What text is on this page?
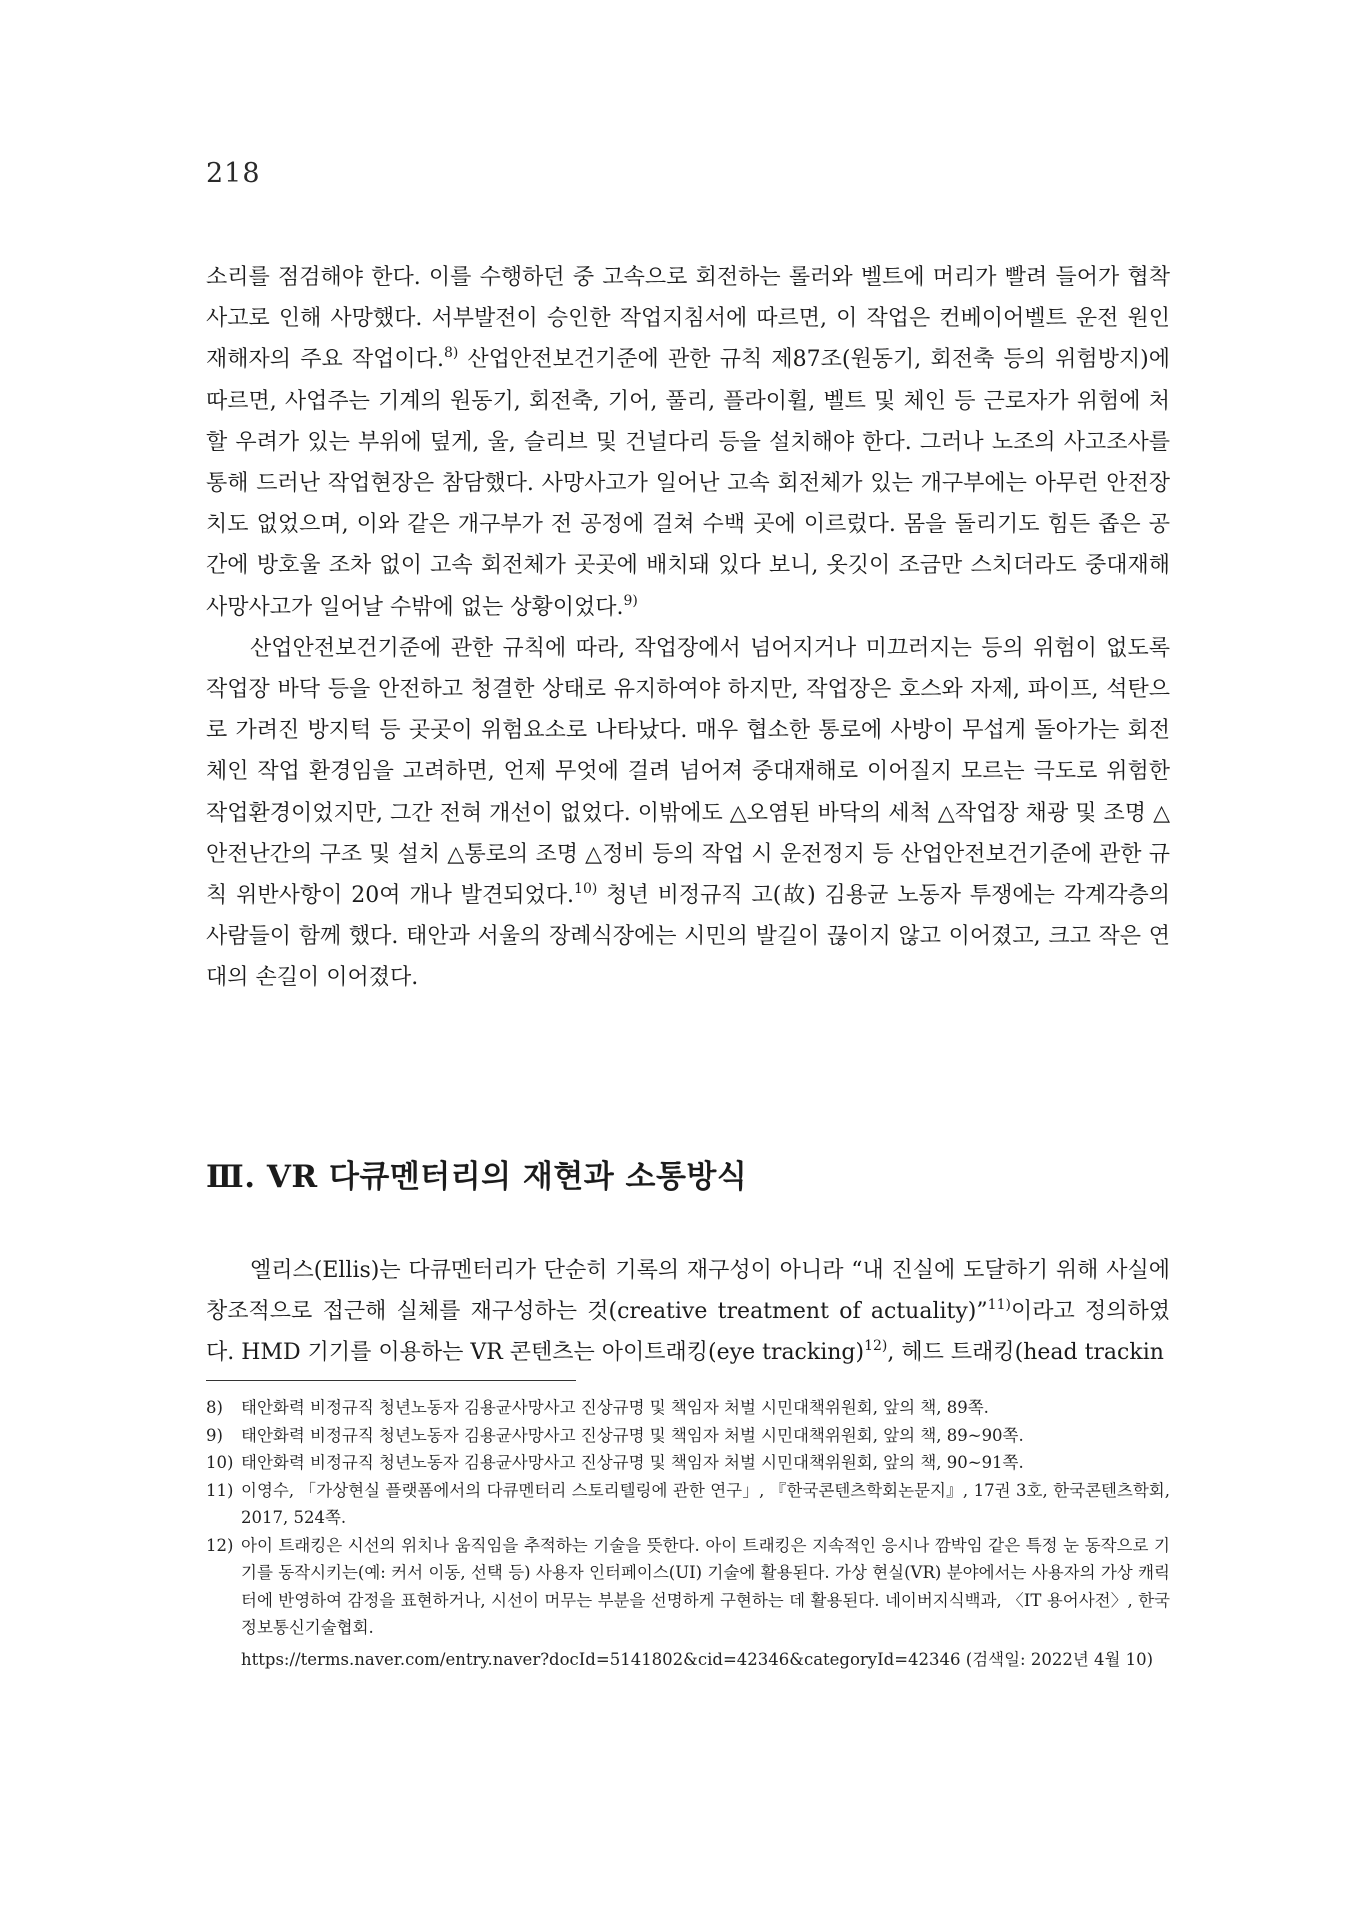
218

소리를 점검해야 한다. 이를 수행하던 중 고속으로 회전하는 롤러와 벨트에 머리가 빨려 들어가 협착사고로 인해 사망했다. 서부발전이 승인한 작업지침서에 따르면, 이 작업은 컨베이어벨트 운전 원인 재해자의 주요 작업이다.$^{8)}$ 산업안전보건기준에 관한 규칙 제87조(원동기, 회전축 등의 위험방지)에 따르면, 사업주는 기계의 원동기, 회전축, 기어, 풀리, 플라이휠, 벨트 및 체인 등 근로자가 위험에 처할 우려가 있는 부위에 덮게, 울, 슬리브 및 건널다리 등을 설치해야 한다. 그러나 노조의 사고조사를 통해 드러난 작업현장은 참담했다. 사망사고가 일어난 고속 회전체가 있는 개구부에는 아무런 안전장치도 없었으며, 이와 같은 개구부가 전 공정에 걸쳐 수백 곳에 이르렀다. 몸을 돌리기도 힘든 좁은 공간에 방호울 조차 없이 고속 회전체가 곳곳에 배치돼 있다 보니, 옷깃이 조금만 스치더라도 중대재해 사망사고가 일어날 수밖에 없는 상황이었다.$^{9)}$

산업안전보건기준에 관한 규칙에 따라, 작업장에서 넘어지거나 미끄러지는 등의 위험이 없도록 작업장 바닥 등을 안전하고 청결한 상태로 유지하여야 하지만, 작업장은 호스와 자제, 파이프, 석탄으로 가려진 방지턱 등 곳곳이 위험요소로 나타났다. 매우 협소한 통로에 사방이 무섭게 돌아가는 회전체인 작업 환경임을 고려하면, 언제 무엇에 걸려 넘어져 중대재해로 이어질지 모르는 극도로 위험한 작업환경이었지만, 그간 전혀 개선이 없었다. 이밖에도 △오염된 바닥의 세척 △작업장 채광 및 조명 △안전난간의 구조 및 설치 △통로의 조명 △정비 등의 작업 시 운전정지 등 산업안전보건기준에 관한 규칙 위반사항이 20여 개나 발견되었다.$^{10)}$ 청년 비정규직 고(故) 김용균 노동자 투쟁에는 각계각층의 사람들이 함께 했다. 태안과 서울의 장례식장에는 시민의 발길이 끊이지 않고 이어졌고, 크고 작은 연대의 손길이 이어졌다.

Ⅲ. VR 다큐멘터리의 재현과 소통방식

엘리스(Ellis)는 다큐멘터리가 단순히 기록의 재구성이 아니라 “내 진실에 도달하기 위해 사실에 창조적으로 접근해 실체를 재구성하는 것(creative treatment of actuality)”$^{11)}$이라고 정의하였다. HMD 기기를 이용하는 VR 콘텐츠는 아이트래킹(eye tracking)$^{12)}$, 헤드 트래킹(head trackin

8)	태안화력 비정규직 청년노동자 김용균사망사고 진상규명 및 책임자 처벌 시민대책위원회, 앞의 책, 89쪽.

9)	태안화력 비정규직 청년노동자 김용균사망사고 진상규명 및 책임자 처벌 시민대책위원회, 앞의 책, 89~90쪽.

10) 태안화력 비정규직 청년노동자 김용균사망사고 진상규명 및 책임자 처벌 시민대책위원회, 앞의 책, 90~91쪽.

11) 이영수, 「가상현실 플랫폼에서의 다큐멘터리 스토리텔링에 관한 연구」, 『한국콘텐츠학회논문지』, 17권 3호, 한국콘텐츠학회, 2017, 524쪽.

12) 아이 트래킹은 시선의 위치나 움직임을 추적하는 기술을 뜻한다. 아이 트래킹은 지속적인 응시나 깜박임 같은 특정 눈 동작으로 기기를 동작시키는(예: 커서 이동, 선택 등) 사용자 인터페이스(UI) 기술에 활용된다. 가상 현실(VR) 분야에서는 사용자의 가상 캐릭터에 반영하여 감정을 표현하거나, 시선이 머무는 부분을 선명하게 구현하는 데 활용된다. 네이버지식백과, 〈IT 용어사전〉, 한국정보통신기술협회.
https://terms.naver.com/entry.naver?docId=5141802&cid=42346&categoryId=42346 (검색일: 2022년 4월 10)
